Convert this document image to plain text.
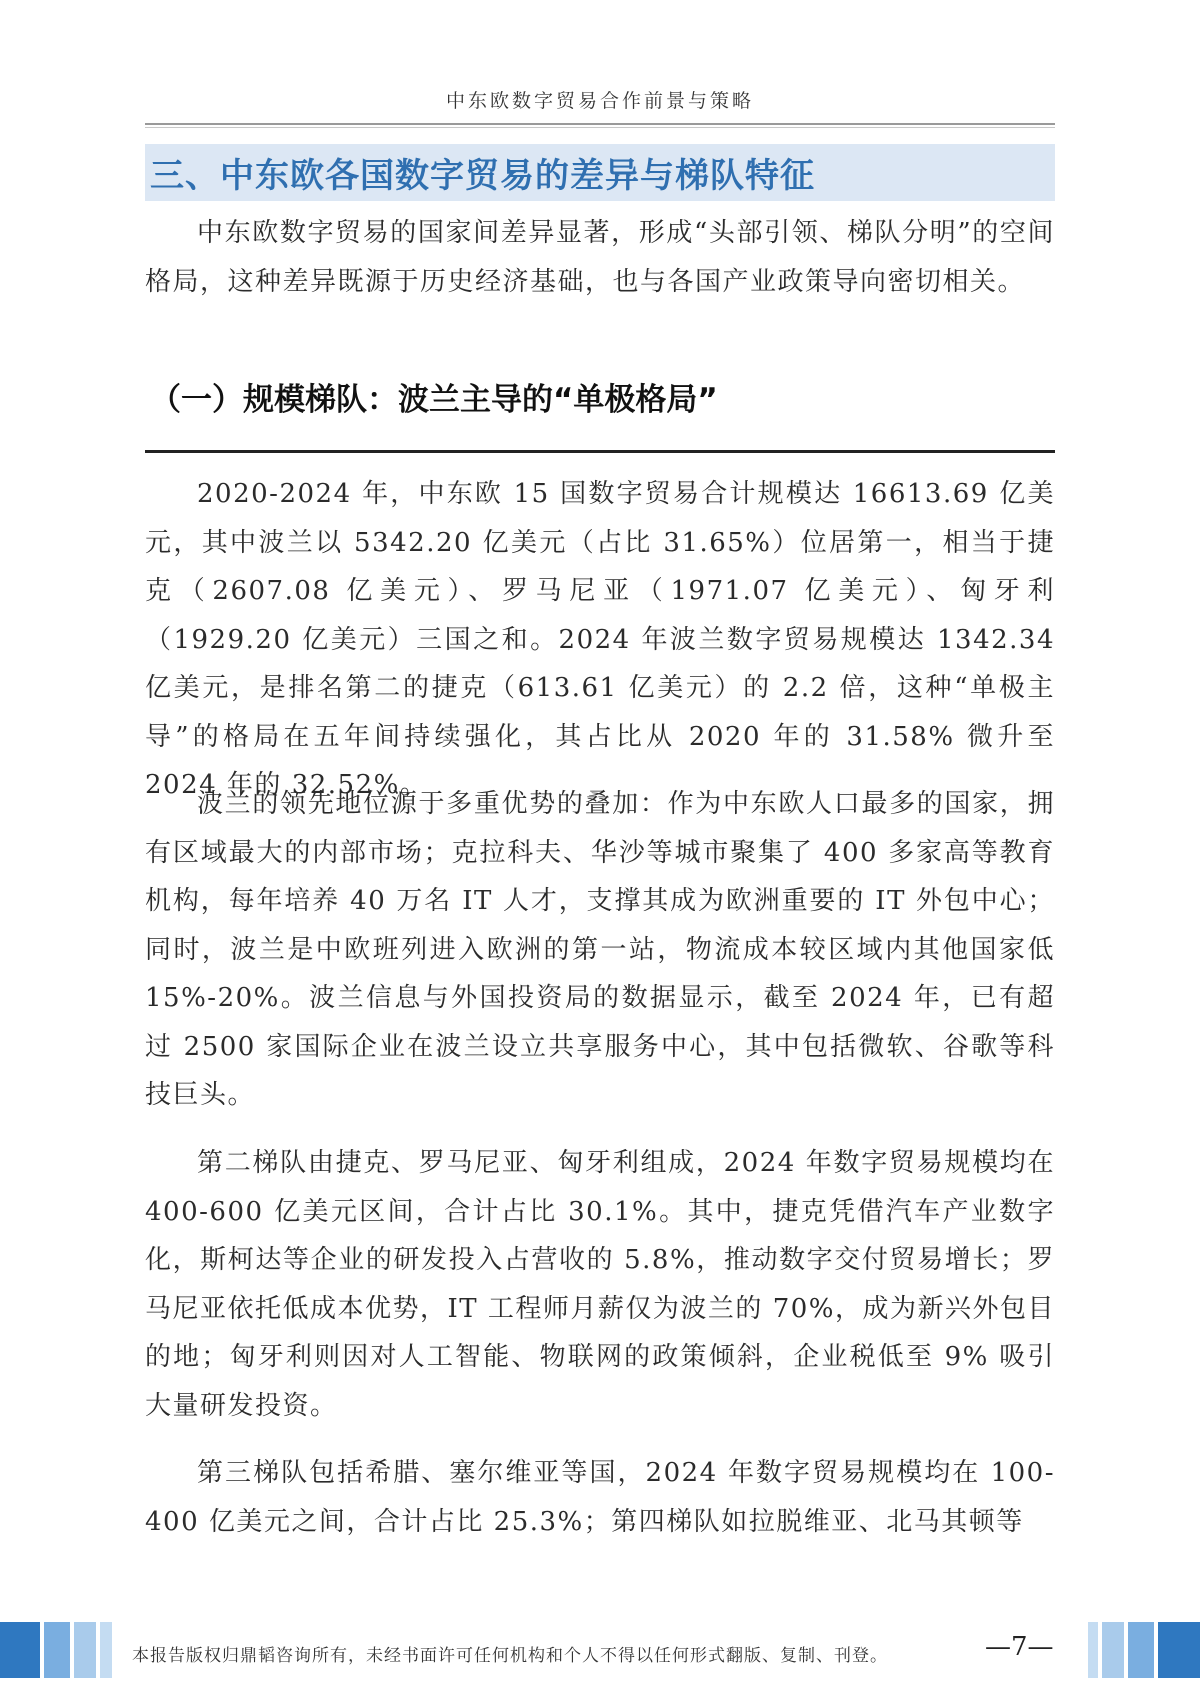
中东欧数字贸易合作前景与策略
三、中东欧各国数字贸易的差异与梯队特征
中东欧数字贸易的国家间差异显著，形成“头部引领、梯队分明”的空间格局，这种差异既源于历史经济基础，也与各国产业政策导向密切相关。
（一）规模梯队：波兰主导的“单极格局”
2020-2024 年，中东欧 15 国数字贸易合计规模达 16613.69 亿美元，其中波兰以 5342.20 亿美元（占比 31.65%）位居第一，相当于捷克（2607.08 亿美元）、罗马尼亚（1971.07 亿美元）、匈牙利（1929.20 亿美元）三国之和。2024 年波兰数字贸易规模达 1342.34 亿美元，是排名第二的捷克（613.61 亿美元）的 2.2 倍，这种“单极主导”的格局在五年间持续强化，其占比从 2020 年的 31.58% 微升至 2024 年的 32.52%。
波兰的领先地位源于多重优势的叠加：作为中东欧人口最多的国家，拥有区域最大的内部市场；克拉科夫、华沙等城市聚集了 400 多家高等教育机构，每年培养 40 万名 IT 人才，支撑其成为欧洲重要的 IT 外包中心；同时，波兰是中欧班列进入欧洲的第一站，物流成本较区域内其他国家低 15%-20%。波兰信息与外国投资局的数据显示，截至 2024 年，已有超过 2500 家国际企业在波兰设立共享服务中心，其中包括微软、谷歌等科技巨头。
第二梯队由捷克、罗马尼亚、匈牙利组成，2024 年数字贸易规模均在 400-600 亿美元区间，合计占比 30.1%。其中，捷克凭借汽车产业数字化，斯柯达等企业的研发投入占营收的 5.8%，推动数字交付贸易增长；罗马尼亚依托低成本优势，IT 工程师月薪仅为波兰的 70%，成为新兴外包目的地；匈牙利则因对人工智能、物联网的政策倾斜，企业税低至 9% 吸引大量研发投资。
第三梯队包括希腊、塞尔维亚等国，2024 年数字贸易规模均在 100-400 亿美元之间，合计占比 25.3%；第四梯队如拉脱维亚、北马其顿等
本报告版权归鼎韬咨询所有，未经书面许可任何机构和个人不得以任何形式翻版、复制、刊登。	—7—
